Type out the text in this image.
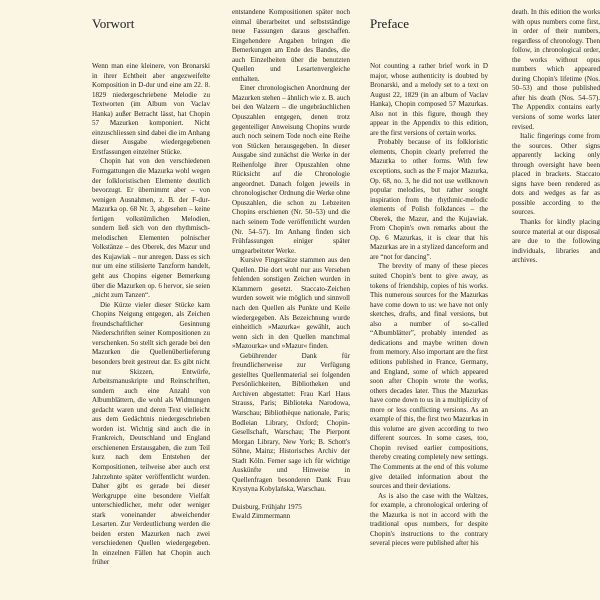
Vorwort

Wenn man eine kleinere, von Bronarski in ihrer Echtheit aber angezweifelte Komposition in D-dur und eine am 22. 8. 1829 niedergeschriebene Melodie zu Textworten (im Album von Vaclav Hanka) außer Betracht lässt, hat Chopin 57 Mazurken komponiert. Nicht einzuschliessen sind dabei die im Anhang dieser Ausgabe wiedergegebenen Erstfassungen einzelner Stücke.

Chopin hat von den verschiedenen Formgattungen die Mazurka wohl wegen der folkloristischen Elemente deutlich bevorzugt. Er übernimmt aber – von wenigen Ausnahmen, z. B. der F-dur-Mazurka op. 68 Nr. 3, abgesehen – keine fertigen volkstümlichen Melodien, sondern ließ sich von den rhythmisch-melodischen Elementen polnischer Volkstänze – des Oberek, des Mazur und des Kujawiak – nur anregen. Dass es sich nur um eine stilisierte Tanzform handelt, geht aus Chopins eigener Bemerkung über die Mazurken op. 6 hervor, sie seien „nicht zum Tanzen“.

Die Kürze vieler dieser Stücke kam Chopins Neigung entgegen, als Zeichen freundschaftlicher Gesinnung Niederschriften seiner Kompositionen zu verschenken. So stellt sich gerade bei den Mazurken die Quellenüberlieferung besonders breit gestreut dar. Es gibt nicht nur Skizzen, Entwürfe, Arbeitsmanuskripte und Reinschriften, sondern auch eine Anzahl von Albumblättern, die wohl als Widmungen gedacht waren und deren Text vielleicht aus dem Gedächtnis niedergeschrieben worden ist. Wichtig sind auch die in Frankreich, Deutschland und England erschienenen Erstausgaben, die zum Teil kurz nach dem Entstehen der Kompositionen, teilweise aber auch erst Jahrzehnte später veröffentlicht wurden. Daher gibt es gerade bei dieser Werkgruppe eine besondere Vielfalt unterschiedlicher, mehr oder weniger stark voneinander abweichender Lesarten. Zur Verdeutlichung werden die beiden ersten Mazurken nach zwei verschiedenen Quellen wiedergegeben. In einzelnen Fällen hat Chopin auch früher

entstandene Kompositionen später noch einmal überarbeitet und selbstständige neue Fassungen daraus geschaffen. Eingehendere Angaben bringen die Bemerkungen am Ende des Bandes, die auch Einzelheiten über die benutzten Quellen und Lesartenvergleiche enthalten.

Einer chronologischen Anordnung der Mazurken stehen – ähnlich wie z. B. auch bei den Walzern – die ungebräuchlichen Opuszahlen entgegen, denen trotz gegenteiliger Anweisung Chopins wurde auch noch seinem Tode noch eine Reihe von Stücken herausgegeben. In dieser Ausgabe sind zunächst die Werke in der Reihenfolge ihrer Opuszahlen ohne Rücksicht auf die Chronologie angeordnet. Danach folgen jeweils in chronologischer Ordnung die Werke ohne Opuszahlen, die schon zu Lebzeiten Chopins erschienen (Nr. 50–53) und die nach seinem Tode veröffentlicht wurden (Nr. 54–57). Im Anhang finden sich Frühfassungen einiger später umgearbeiteter Werke.

Kursive Fingersätze stammen aus den Quellen. Die dort wohl nur aus Versehen fehlenden sonstigen Zeichen wurden in Klammern gesetzt. Staccato-Zeichen wurden soweit wie möglich und sinnvoll nach den Quellen als Punkte und Keile wiedergegeben. Als Bezeichnung wurde einheitlich »Mazurka« gewählt, auch wenn sich in den Quellen manchmal »Mazourka« und »Mazur« finden.

Gebührender Dank für freundlicherweise zur Verfügung gestelltes Quellenmaterial sei folgenden Persönlichkeiten, Bibliotheken und Archiven abgestattet: Frau Karl Haus Strauss, Paris; Biblioteka Narodowa, Warschau; Bibliothèque nationale, Paris; Bodleian Library, Oxford; Chopin-Gesellschaft, Warschau; The Pierpont Morgan Library, New York; B. Schott's Söhne, Mainz; Historisches Archiv der Stadt Köln. Ferner sage ich für wichtige Auskünfte und Hinweise in Quellenfragen besonderen Dank Frau Krystyna Kobylańska, Warschau.

Duisburg, Frühjahr 1975
Ewald Zimmermann
Preface

Not counting a rather brief work in D major, whose authenticity is doubted by Bronarski, and a melody set to a text on August 22, 1829 (in an album of Vaclav Hanka), Chopin composed 57 Mazurkas. Also not in this figure, though they appear in the Appendix to this edition, are the first versions of certain works.

Probably because of its folkloristic elements, Chopin clearly preferred the Mazurka to other forms. With few exceptions, such as the F major Mazurka, Op. 68, no. 3, he did not use wellknown popular melodies, but rather sought inspiration from the rhythmic-melodic elements of Polish folkdances – the Oberek, the Mazur, and the Kujawiak. From Chopin's own remarks about the Op. 6 Mazurkas, it is clear that his Mazurkas are in a stylized danceform and are “not for dancing”.

The brevity of many of these pieces suited Chopin's bent to give away, as tokens of friendship, copies of his works. This numerous sources for the Mazurkas have come down to us: we have not only sketches, drafts, and final versions, but also a number of so-called “Albumblätter”, probably intended as dedications and maybe written down from memory. Also important are the first editions published in France, Germany, and England, some of which appeared soon after Chopin wrote the works, others decades later. Thus the Mazurkas have come down to us in a multiplicity of more or less conflicting versions. As an example of this, the first two Mazurkas in this volume are given according to two different sources. In some cases, too, Chopin revised earlier compositions, thereby creating completely new settings. The Comments at the end of this volume give detailed information about the sources and their deviations.

As is also the case with the Waltzes, for example, a chronological ordering of the Mazurka is not in accord with the traditional opus numbers, for despite Chopin's instructions to the contrary several pieces were published after his

death. In this edition the works with opus numbers come first, in order of their numbers, regardless of chronology. Then follow, in chronological order, the works without opus numbers which appeared during Chopin's lifetime (Nos. 50–53) and those published after his death (Nos. 54–57). The Appendix contains early versions of some works later revised.

Italic fingerings come from the sources. Other signs apparently lacking only through oversight have been placed in brackets. Staccato signs have been rendered as dots and wedges as far as possible according to the sources.

Thanks for kindly placing source material at our disposal are due to the following individuals, libraries and archives.
